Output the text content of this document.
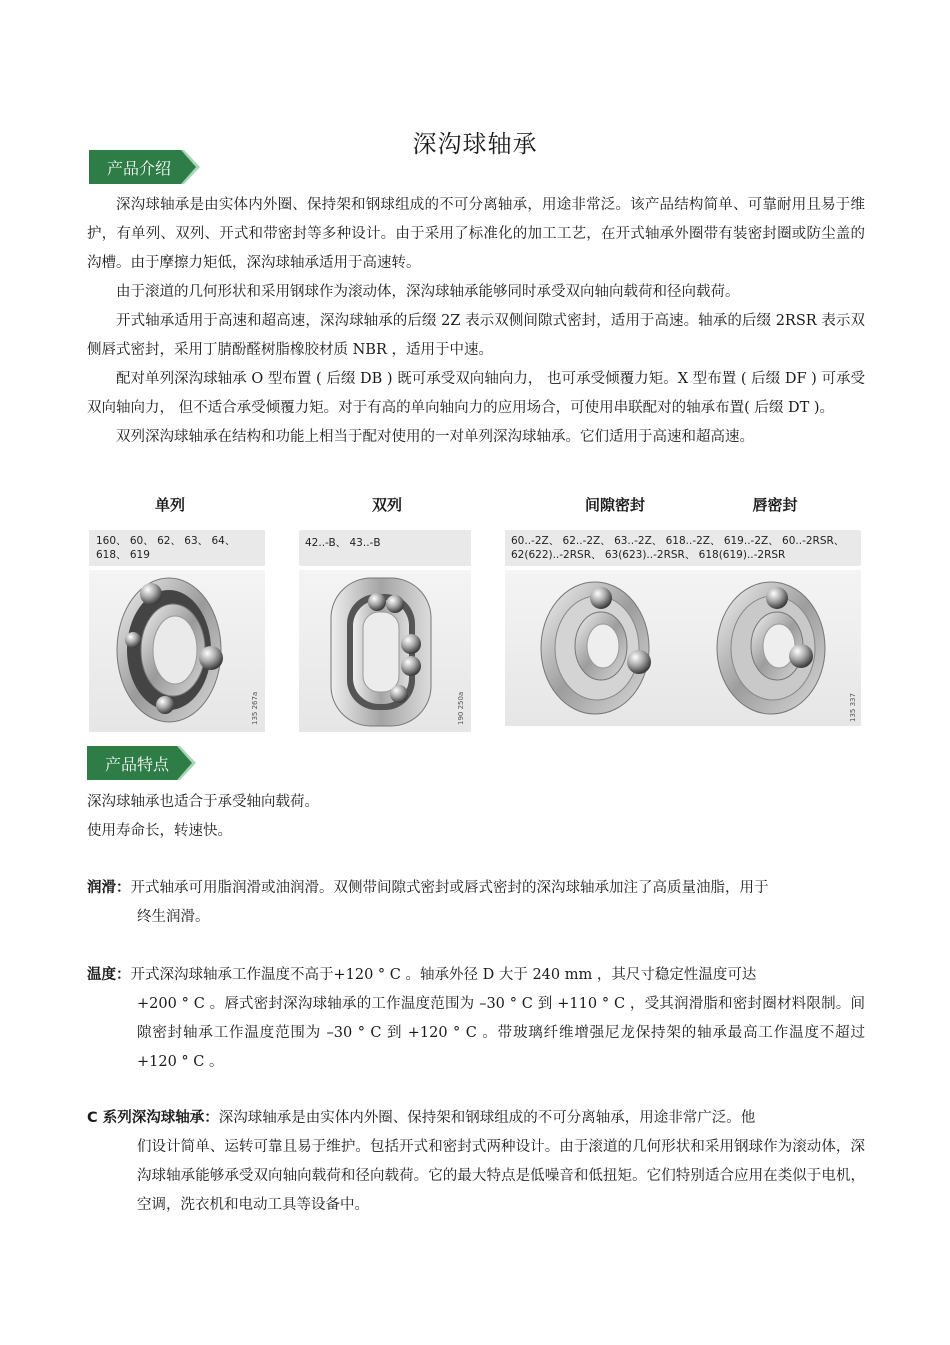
深沟球轴承
产品介绍

深沟球轴承是由实体内外圈、保持架和钢球组成的不可分离轴承，用途非常泛。该产品结构简单、可靠耐用且易于维护，有单列、双列、开式和带密封等多种设计。由于采用了标准化的加工工艺，在开式轴承外圈带有装密封圈或防尘盖的沟槽。由于摩擦力矩低，深沟球轴承适用于高速转。

由于滚道的几何形状和采用钢球作为滚动体，深沟球轴承能够同时承受双向轴向载荷和径向载荷。

开式轴承适用于高速和超高速，深沟球轴承的后缀 2Z 表示双侧间隙式密封，适用于高速。轴承的后缀 2RSR 表示双侧唇式密封，采用丁腈酚醛树脂橡胶材质 NBR ，适用于中速。

配对单列深沟球轴承 O 型布置 ( 后缀 DB ) 既可承受双向轴向力， 也可承受倾覆力矩。X 型布置 ( 后缀 DF ) 可承受双向轴向力， 但不适合承受倾覆力矩。对于有高的单向轴向力的应用场合，可使用串联配对的轴承布置( 后缀 DT )。

双列深沟球轴承在结构和功能上相当于配对使用的一对单列深沟球轴承。它们适用于高速和超高速。

单列	双列	间隙密封	唇密封
160、 60、 62、 63、 64、
618、 619
135 267a
42..-B、 43..-B
190 250a
60..-2Z、 62..-2Z、 63..-2Z、 618..-2Z、 619..-2Z、 60..-2RSR、
62(622)..-2RSR、 63(623)..-2RSR、 618(619)..-2RSR
135 337
产品特点
深沟球轴承也适合于承受轴向载荷。
使用寿命长，转速快。
润滑：开式轴承可用脂润滑或油润滑。双侧带间隙式密封或唇式密封的深沟球轴承加注了高质量油脂，用于
终生润滑。
温度：开式深沟球轴承工作温度不高于+120 ° C 。轴承外径 D 大于 240 mm ，其尺寸稳定性温度可达
+200 ° C 。唇式密封深沟球轴承的工作温度范围为 –30 ° C 到 +110 ° C ，受其润滑脂和密封圈材料限制。间隙密封轴承工作温度范围为 –30 ° C 到 +120 ° C 。带玻璃纤维增强尼龙保持架的轴承最高工作温度不超过+120 ° C 。
C 系列深沟球轴承：深沟球轴承是由实体内外圈、保持架和钢球组成的不可分离轴承，用途非常广泛。他
们设计简单、运转可靠且易于维护。包括开式和密封式两种设计。由于滚道的几何形状和采用钢球作为滚动体，深沟球轴承能够承受双向轴向载荷和径向载荷。它的最大特点是低噪音和低扭矩。它们特别适合应用在类似于电机，空调，洗衣机和电动工具等设备中。
